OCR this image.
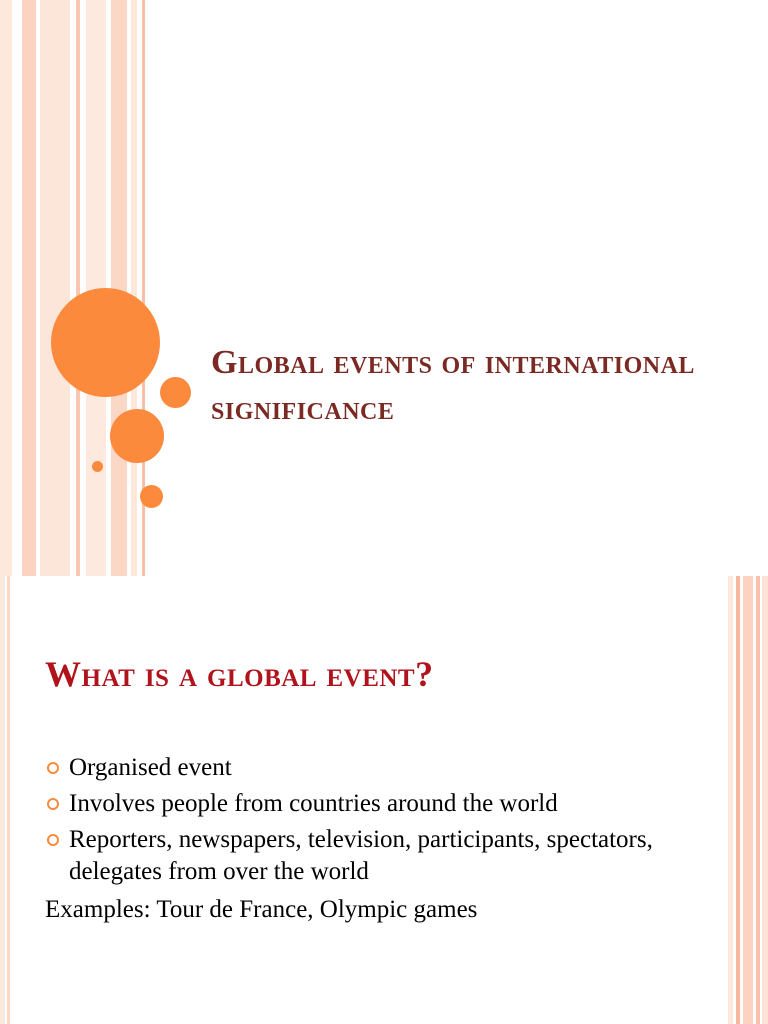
Global events of international significance
What is a global event?
Organised event
Involves people from countries around the world
Reporters, newspapers, television, participants, spectators, delegates from over the world

Examples: Tour de France, Olympic games
